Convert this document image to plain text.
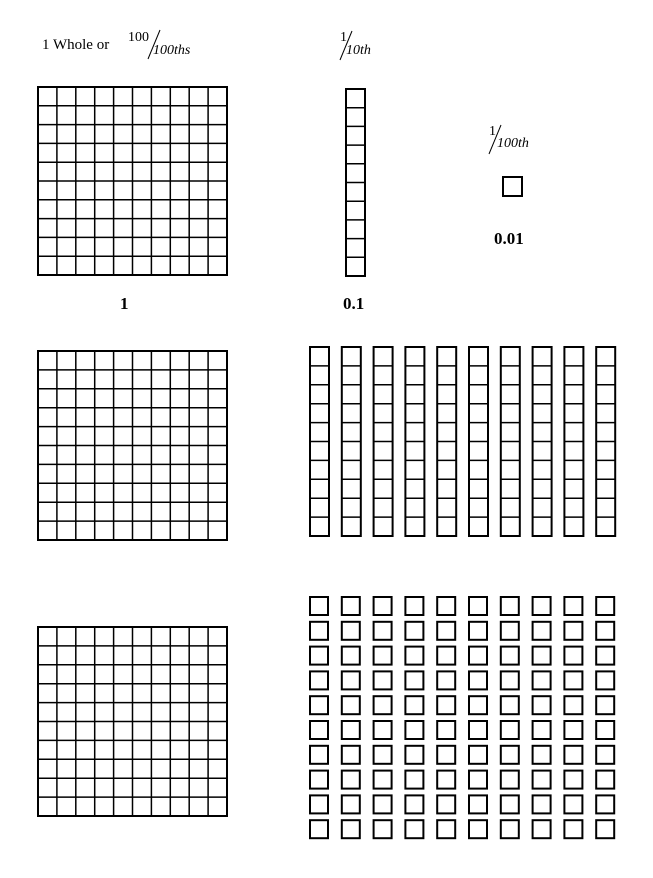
1 Whole or 100
100ths
1
10th
1
100th
1	0.1
0.01
